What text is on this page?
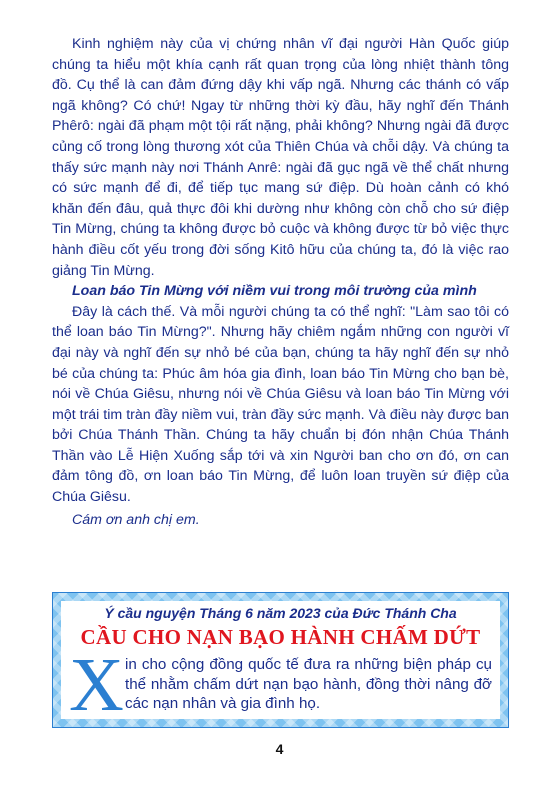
Kinh nghiệm này của vị chứng nhân vĩ đại người Hàn Quốc giúp chúng ta hiểu một khía cạnh rất quan trọng của lòng nhiệt thành tông đồ. Cụ thể là can đảm đứng dậy khi vấp ngã. Nhưng các thánh có vấp ngã không? Có chứ! Ngay từ những thời kỳ đầu, hãy nghĩ đến Thánh Phêrô: ngài đã phạm một tội rất nặng, phải không? Nhưng ngài đã được củng cố trong lòng thương xót của Thiên Chúa và chỗi dậy. Và chúng ta thấy sức mạnh này nơi Thánh Anrê: ngài đã gục ngã về thể chất nhưng có sức mạnh để đi, để tiếp tục mang sứ điệp. Dù hoàn cảnh có khó khăn đến đâu, quả thực đôi khi dường như không còn chỗ cho sứ điệp Tin Mừng, chúng ta không được bỏ cuộc và không được từ bỏ việc thực hành điều cốt yếu trong đời sống Kitô hữu của chúng ta, đó là việc rao giảng Tin Mừng.

Loan báo Tin Mừng với niềm vui trong môi trường của mình

Đây là cách thế. Và mỗi người chúng ta có thể nghĩ: "Làm sao tôi có thể loan báo Tin Mừng?". Nhưng hãy chiêm ngắm những con người vĩ đại này và nghĩ đến sự nhỏ bé của bạn, chúng ta hãy nghĩ đến sự nhỏ bé của chúng ta: Phúc âm hóa gia đình, loan báo Tin Mừng cho bạn bè, nói về Chúa Giêsu, nhưng nói về Chúa Giêsu và loan báo Tin Mừng với một trái tim tràn đầy niềm vui, tràn đầy sức mạnh. Và điều này được ban bởi Chúa Thánh Thần. Chúng ta hãy chuẩn bị đón nhận Chúa Thánh Thần vào Lễ Hiện Xuống sắp tới và xin Người ban cho ơn đó, ơn can đảm tông đồ, ơn loan báo Tin Mừng, để luôn loan truyền sứ điệp của Chúa Giêsu.

Cám ơn anh chị em.

Ý cầu nguyện Tháng 6 năm 2023 của Đức Thánh Cha
CẦU CHO NẠN BẠO HÀNH CHẤM DỨT
X in cho cộng đồng quốc tế đưa ra những biện pháp cụ thể nhằm chấm dứt nạn bạo hành, đồng thời nâng đỡ các nạn nhân và gia đình họ.
4
